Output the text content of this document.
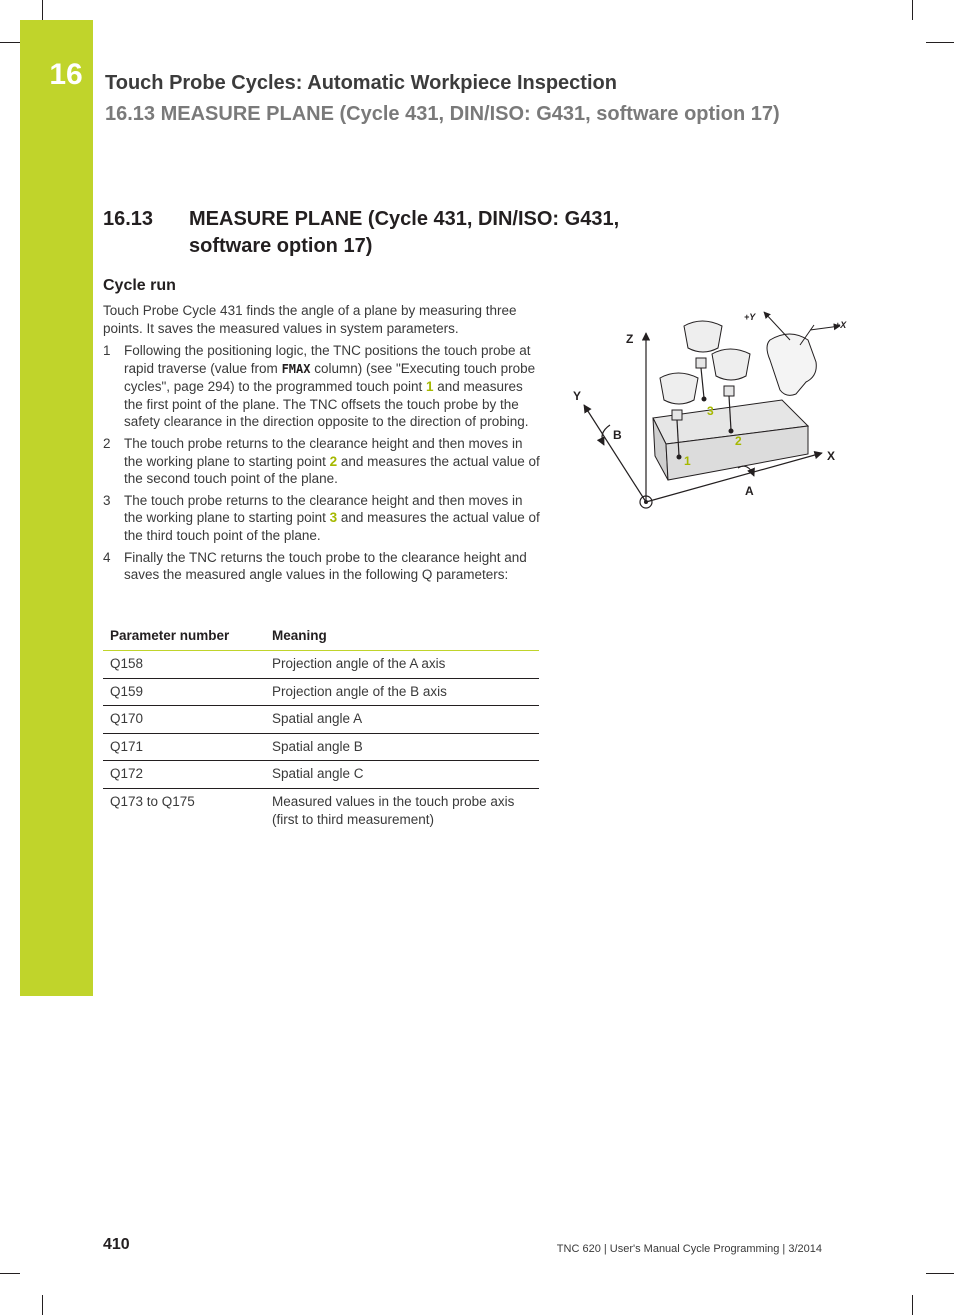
16	Touch Probe Cycles: Automatic Workpiece Inspection
16.13 MEASURE PLANE (Cycle 431, DIN/ISO: G431, software option 17)
16.13 MEASURE PLANE (Cycle 431, DIN/ISO: G431, software option 17)
Cycle run

Touch Probe Cycle 431 finds the angle of a plane by measuring three points. It saves the measured values in system parameters.

1 Following the positioning logic, the TNC positions the touch probe at rapid traverse (value from FMAX column) (see "Executing touch probe cycles", page 294) to the programmed touch point 1 and measures the first point of the plane. The TNC offsets the touch probe by the safety clearance in the direction opposite to the direction of probing.
2 The touch probe returns to the clearance height and then moves in the working plane to starting point 2 and measures the actual value of the second touch point of the plane.
3 The touch probe returns to the clearance height and then moves in the working plane to starting point 3 and measures the actual value of the third touch point of the plane.
4 Finally the TNC returns the touch probe to the clearance height and saves the measured angle values in the following Q parameters:
Parameter number	Meaning
Q158	Projection angle of the A axis
Q159	Projection angle of the B axis
Q170	Spatial angle A
Q171	Spatial angle B
Q172	Spatial angle C
Q173 to Q175	Measured values in the touch probe axis (first to third measurement)
Z
Y
X
B
A
1
2
3
+Y
+X
410	TNC 620 | User's Manual Cycle Programming | 3/2014
